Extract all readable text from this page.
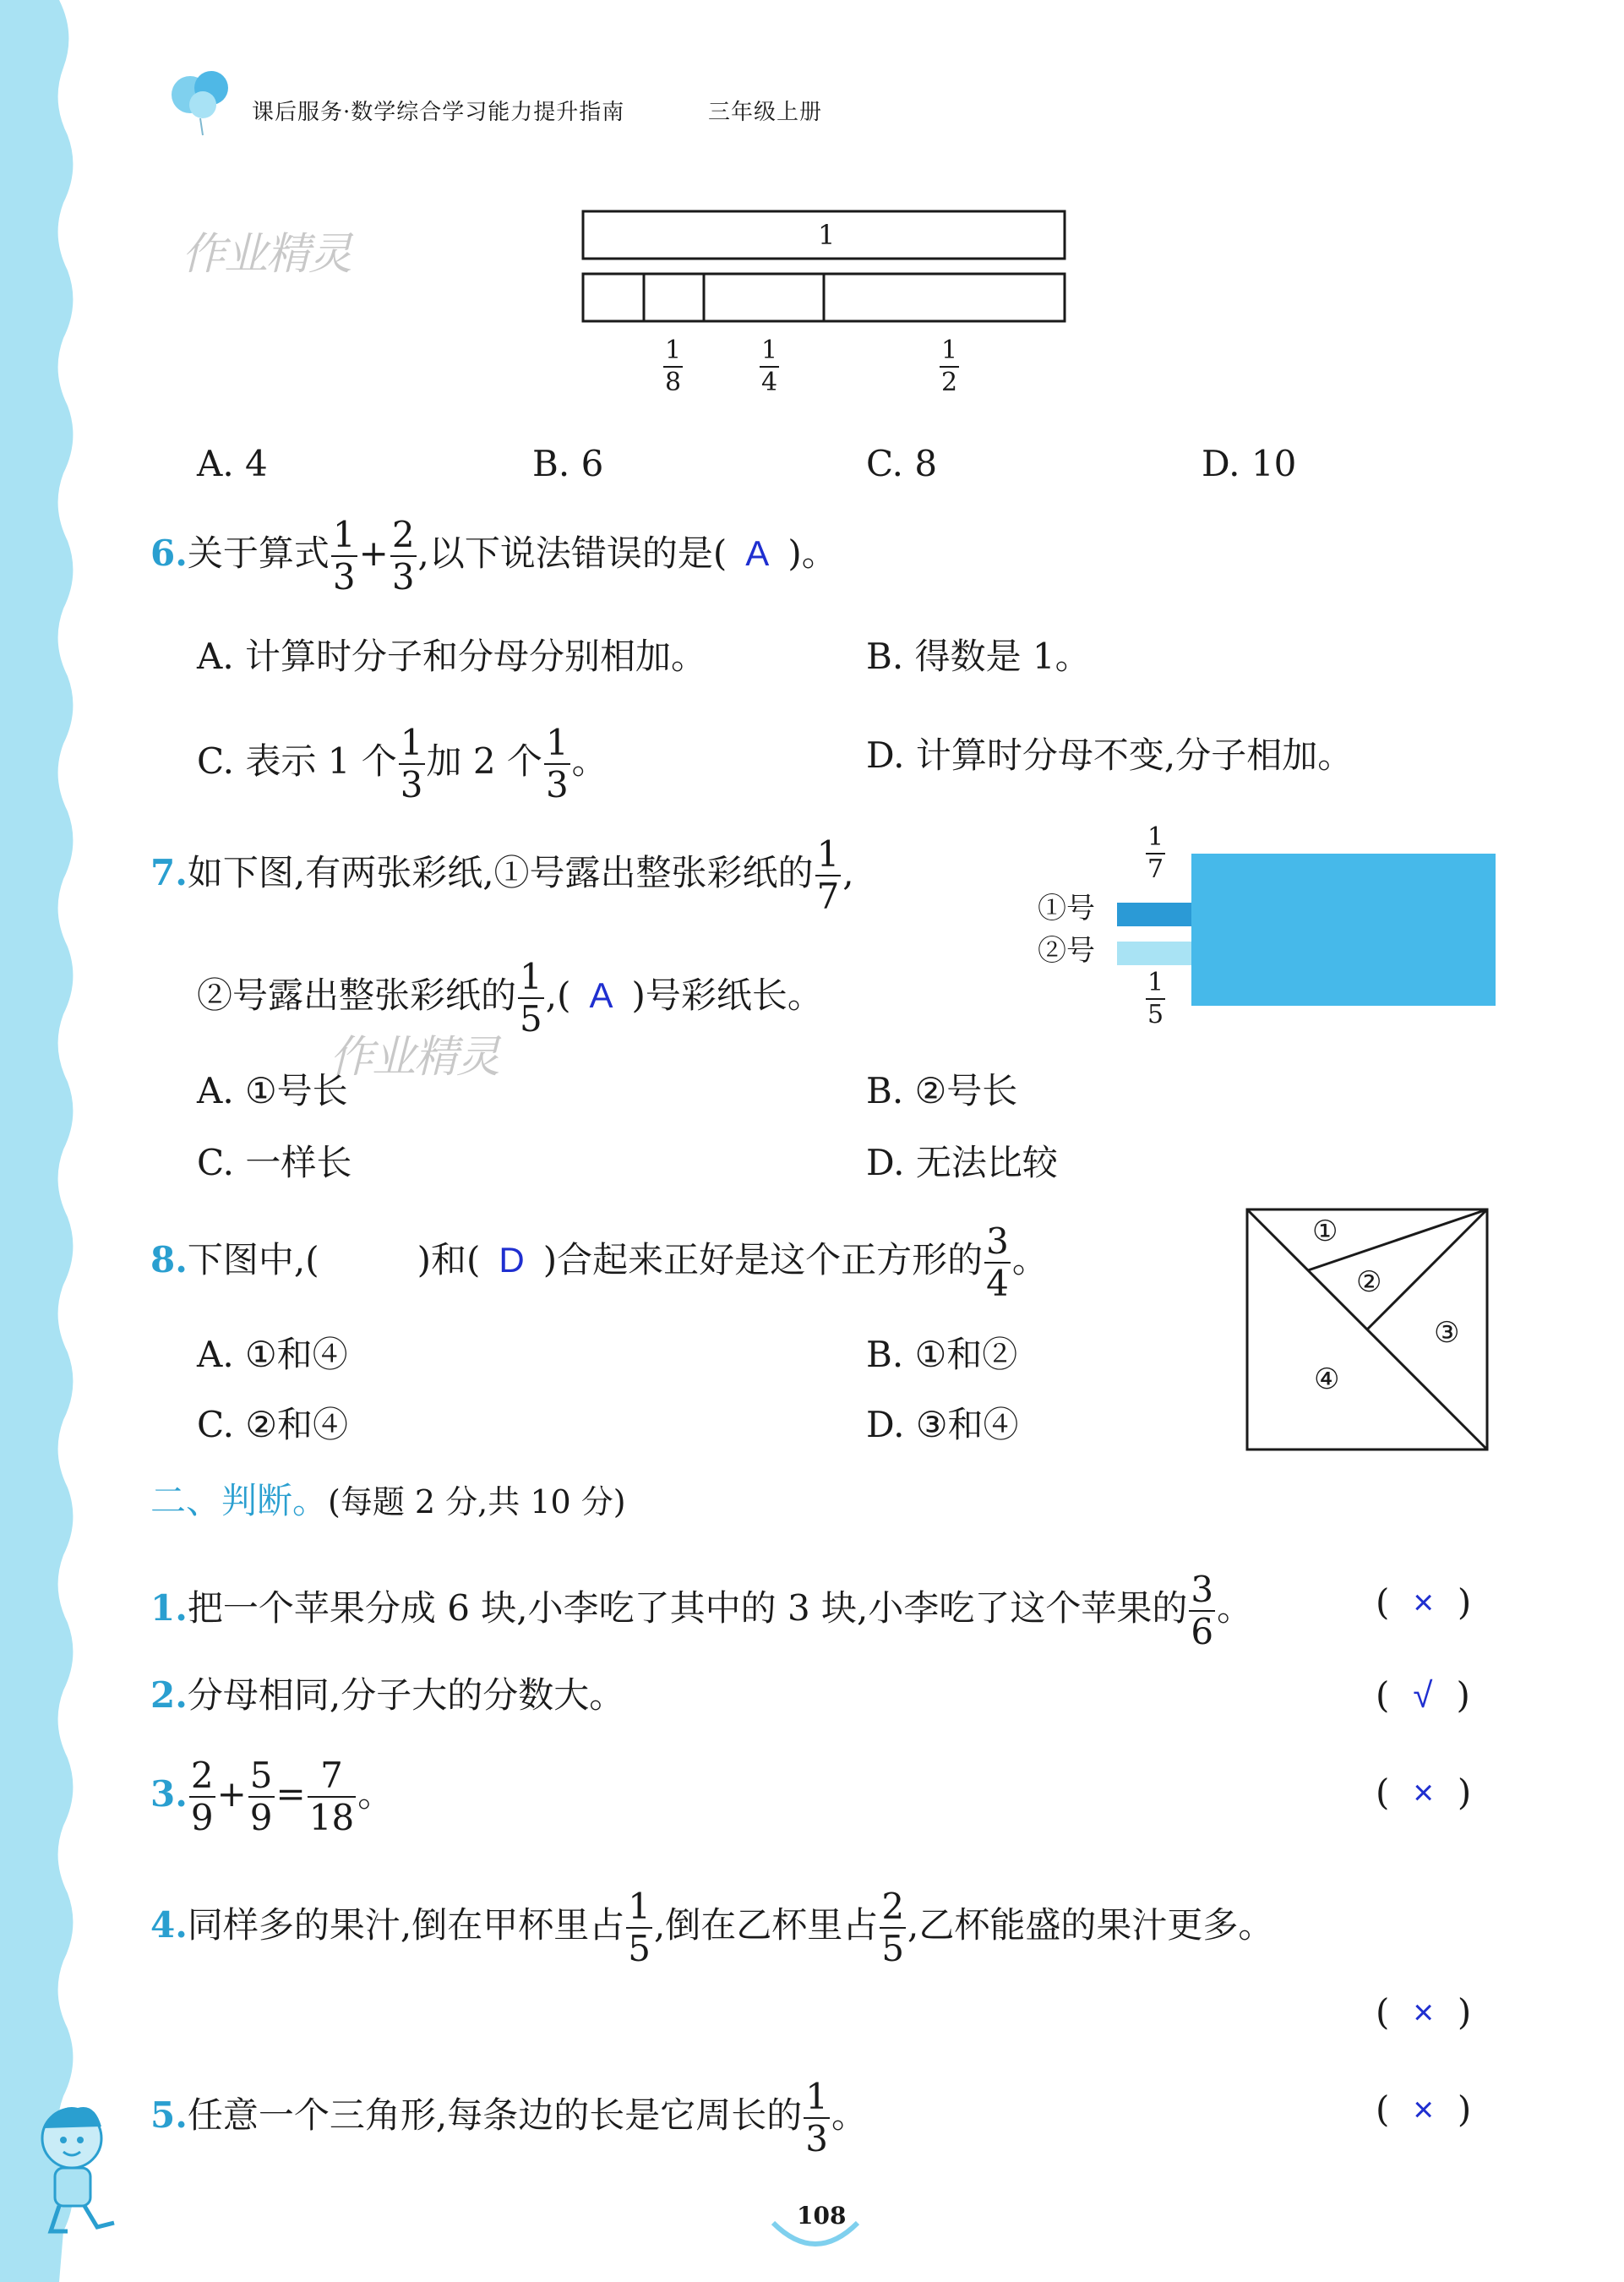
课后服务·数学综合学习能力提升指南	三年级上册
作业精灵
作业精灵
1
$\frac{1}{8}$	$\frac{1}{4}$	$\frac{1}{2}$
A. 4	B. 6	C. 8	D. 10
6.关于算式 $\frac{1}{3} + \frac{2}{3}$ ,以下说法错误的是( A )。
A. 计算时分子和分母分别相加。	B. 得数是 1。
C. 表示 1 个 $\frac{1}{3}$ 加 2 个 $\frac{1}{3}$ 。	D. 计算时分母不变,分子相加。
7.如下图,有两张彩纸,①号露出整张彩纸的 $\frac{1}{7}$ ,
②号露出整张彩纸的 $\frac{1}{5}$ ,( A )号彩纸长。
①号
②号
$\frac{1}{7}$
$\frac{1}{5}$
A. ①号长	B. ②号长
C. 一样长	D. 无法比较
8.下图中,(	)和( D )合起来正好是这个正方形的 $\frac{3}{4}$ 。
①
②
③
④
A. ①和④	B. ①和②
C. ②和④	D. ③和④
二、判断。(每题 2 分,共 10 分)
1.把一个苹果分成 6 块,小李吃了其中的 3 块,小李吃了这个苹果的 $\frac{3}{6}$ 。	( × )
2.分母相同,分子大的分数大。	( √ )
3. $\frac{2}{9} + \frac{5}{9} = \frac{7}{18}$ 。	( × )
4.同样多的果汁,倒在甲杯里占 $\frac{1}{5}$ ,倒在乙杯里占 $\frac{2}{5}$ ,乙杯能盛的果汁更多。
( × )
5.任意一个三角形,每条边的长是它周长的 $\frac{1}{3}$ 。	( × )
108
